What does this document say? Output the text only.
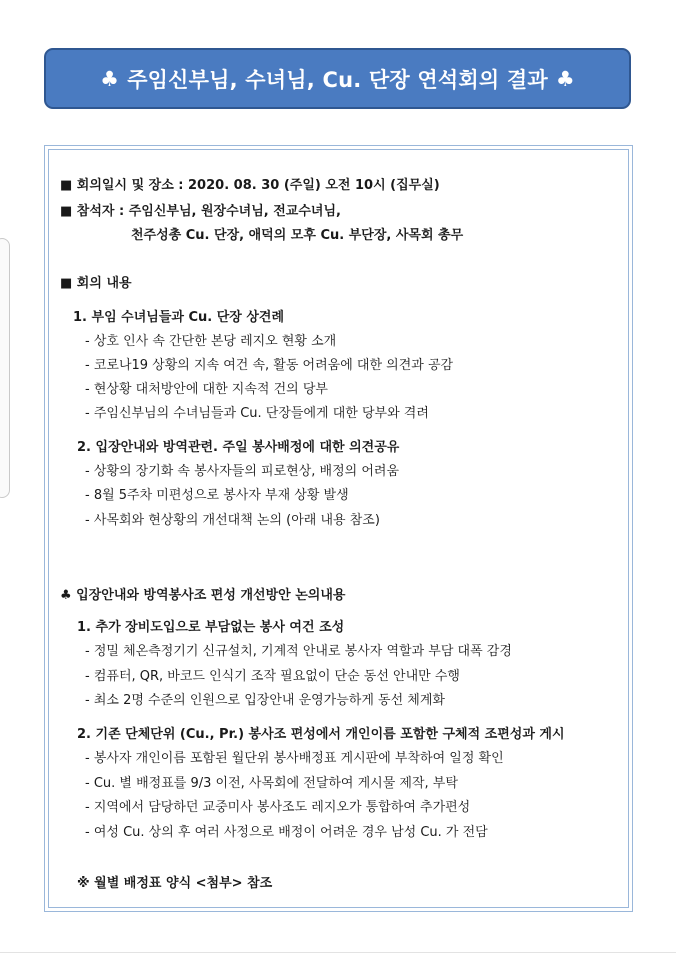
♣ 주임신부님, 수녀님, Cu. 단장 연석회의 결과 ♣
■ 회의일시 및 장소 : 2020. 08. 30 (주일) 오전 10시 (집무실)
■ 참석자 : 주임신부님, 원장수녀님, 전교수녀님,
천주성총 Cu. 단장, 애덕의 모후 Cu. 부단장, 사목회 총무
■ 회의 내용
1. 부임 수녀님들과 Cu. 단장 상견례
- 상호 인사 속 간단한 본당 레지오 현황 소개
- 코로나19 상황의 지속 여건 속, 활동 어려움에 대한 의견과 공감
- 현상황 대처방안에 대한 지속적 건의 당부
- 주임신부님의 수녀님들과 Cu. 단장들에게 대한 당부와 격려
2. 입장안내와 방역관련. 주일 봉사배정에 대한 의견공유
- 상황의 장기화 속 봉사자들의 피로현상, 배정의 어려움
- 8월 5주차 미편성으로 봉사자 부재 상황 발생
- 사목회와 현상황의 개선대책 논의 (아래 내용 참조)
♣ 입장안내와 방역봉사조 편성 개선방안 논의내용
1. 추가 장비도입으로 부담없는 봉사 여건 조성
- 정밀 체온측정기기 신규설치, 기계적 안내로 봉사자 역할과 부담 대폭 감경
- 컴퓨터, QR, 바코드 인식기 조작 필요없이 단순 동선 안내만 수행
- 최소 2명 수준의 인원으로 입장안내 운영가능하게 동선 체계화
2. 기존 단체단위 (Cu., Pr.) 봉사조 편성에서 개인이름 포함한 구체적 조편성과 게시
- 봉사자 개인이름 포함된 월단위 봉사배정표 게시판에 부착하여 일정 확인
- Cu. 별 배정표를 9/3 이전, 사목회에 전달하여 게시물 제작, 부탁
- 지역에서 담당하던 교중미사 봉사조도 레지오가 통합하여 추가편성
- 여성 Cu. 상의 후 여러 사정으로 배정이 어려운 경우 남성 Cu. 가 전담
※ 월별 배정표 양식 <첨부> 참조
